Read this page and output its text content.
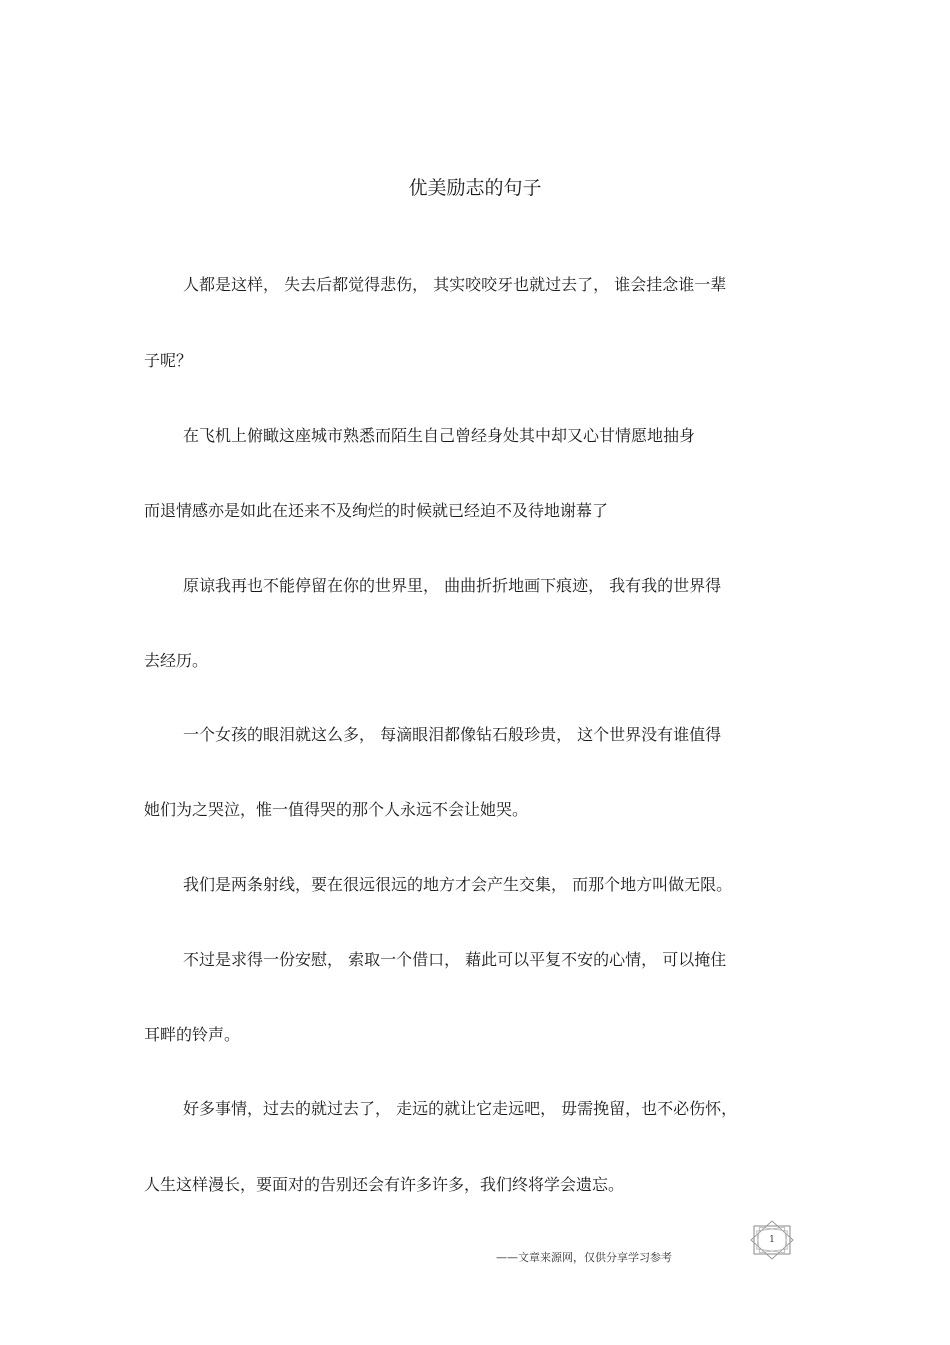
优美励志的句子

人都是这样， 失去后都觉得悲伤， 其实咬咬牙也就过去了， 谁会挂念谁一辈

子呢？

在飞机上俯瞰这座城市熟悉而陌生自己曾经身处其中却又心甘情愿地抽身

而退情感亦是如此在还来不及绚烂的时候就已经迫不及待地谢幕了

原谅我再也不能停留在你的世界里， 曲曲折折地画下痕迹， 我有我的世界得

去经历。

一个女孩的眼泪就这么多， 每滴眼泪都像钻石般珍贵， 这个世界没有谁值得

她们为之哭泣，惟一值得哭的那个人永远不会让她哭。

我们是两条射线，要在很远很远的地方才会产生交集， 而那个地方叫做无限。

不过是求得一份安慰， 索取一个借口， 藉此可以平复不安的心情， 可以掩住

耳畔的铃声。

好多事情，过去的就过去了， 走远的就让它走远吧， 毋需挽留，也不必伤怀，

人生这样漫长，要面对的告别还会有许多许多，我们终将学会遗忘。

1
——文章来源网，仅供分享学习参考
